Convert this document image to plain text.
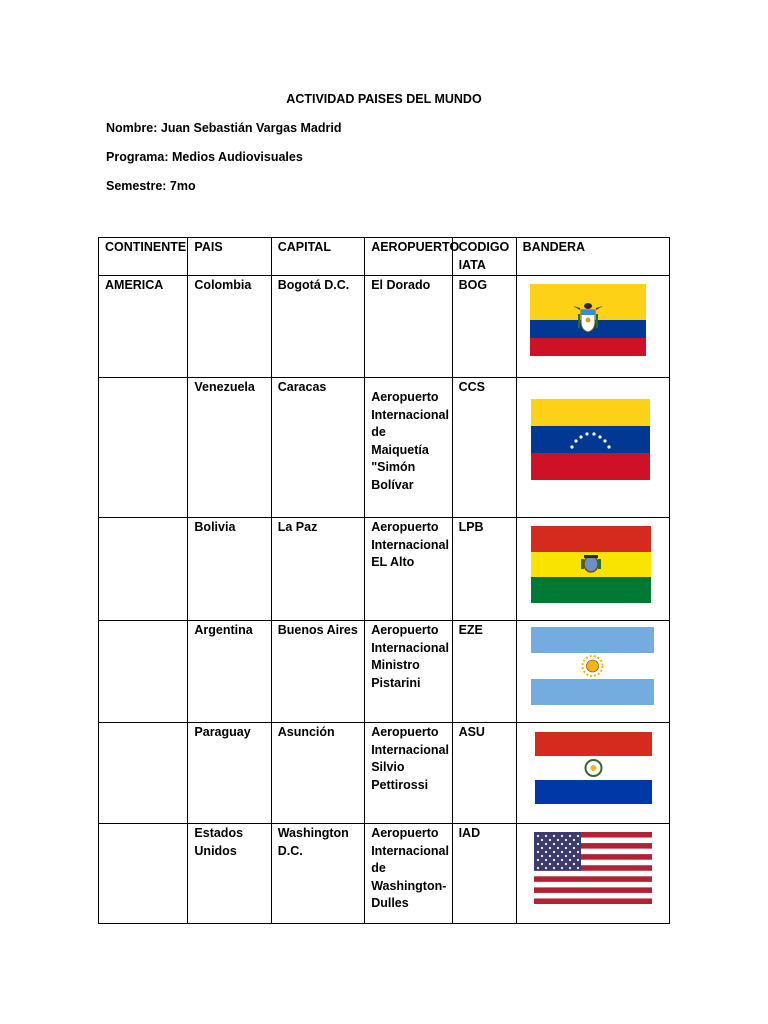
ACTIVIDAD PAISES DEL MUNDO
Nombre: Juan Sebastián Vargas Madrid
Programa: Medios Audiovisuales
Semestre: 7mo
CONTINENTE	PAIS	CAPITAL	AEROPUERTO	CODIGO IATA	BANDERA
AMERICA	Colombia	Bogotá D.C.	El Dorado	BOG	

	Venezuela	Caracas	Aeropuerto Internacional de Maiquetía "Simón Bolívar	CCS	

	Bolivia	La Paz	Aeropuerto Internacional EL Alto	LPB	

	Argentina	Buenos Aires	Aeropuerto Internacional Ministro Pistarini	EZE	

	Paraguay	Asunción	Aeropuerto Internacional Silvio Pettirossi	ASU	

	Estados Unidos	Washington D.C.	Aeropuerto Internacional de Washington-Dulles	IAD	
